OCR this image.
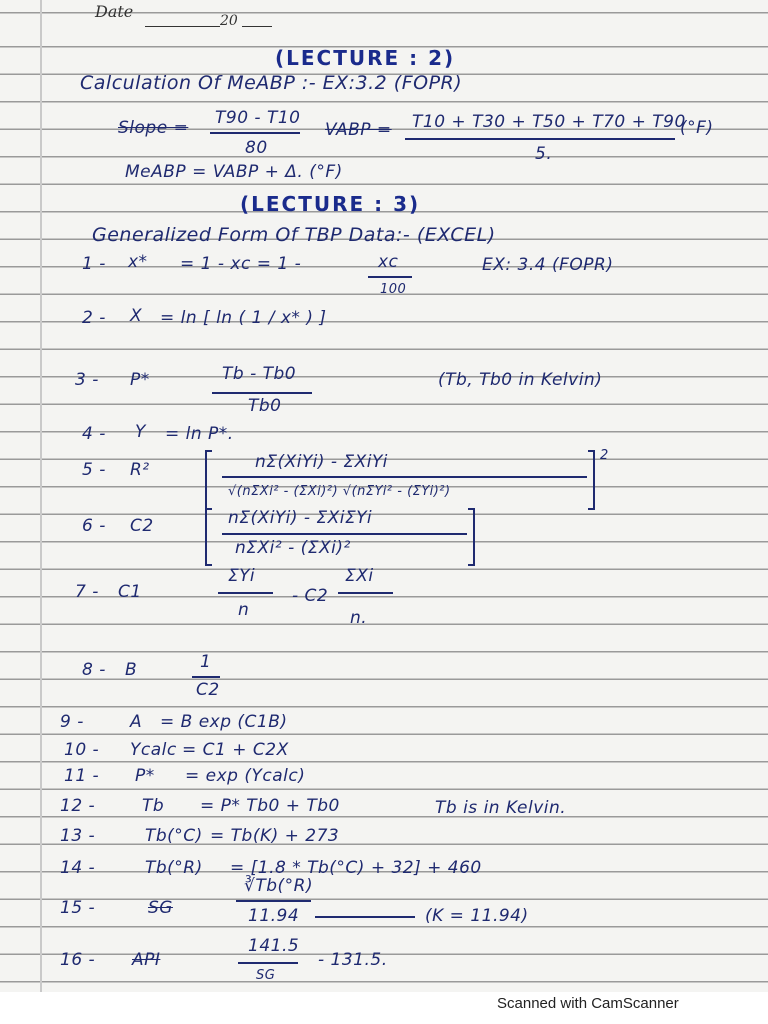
Date	20
(LECTURE : 2)
Calculation Of MeABP :- EX:3.2 (FOPR)
Slope = T90 - T10
80
VABP = T10 + T30 + T50 + T70 + T90
(°F)
5.
MeABP = VABP + Δ. (°F)
(LECTURE : 3)
Generalized Form Of TBP Data:- (EXCEL)
EX: 3.4 (FOPR)
1 - x* = 1 - xc = 1 -	xc
100
2 - X = ln [ ln ( 1 / x* ) ]
3 - P*	Tb - Tb0
Tb0
(Tb, Tb0 in Kelvin)
4 - Y = ln P*.
5 - R²	nΣ(XiYi) - ΣXiYi
√(nΣXi² - (ΣXi)²) √(nΣYi² - (ΣYi)²)
2
6 - C2	nΣ(XiYi) - ΣXiΣYi
nΣXi² - (ΣXi)²
7 - C1
ΣYi
n
- C2
ΣXi
n.
8 - B	1
C2
9 -	A = B exp (C1B)
10 - Ycalc = C1 + C2X
11 - P* = exp (Ycalc)
12 -	Tb = P* Tb0 + Tb0	Tb is in Kelvin.
13 -	Tb(°C) = Tb(K) + 273
14 -	Tb(°R) = [1.8 * Tb(°C) + 32] + 460
15 -	SG
∛Tb(°R)
11.94	(K = 11.94)
16 - API
141.5
SG
- 131.5.
Scanned with CamScanner
